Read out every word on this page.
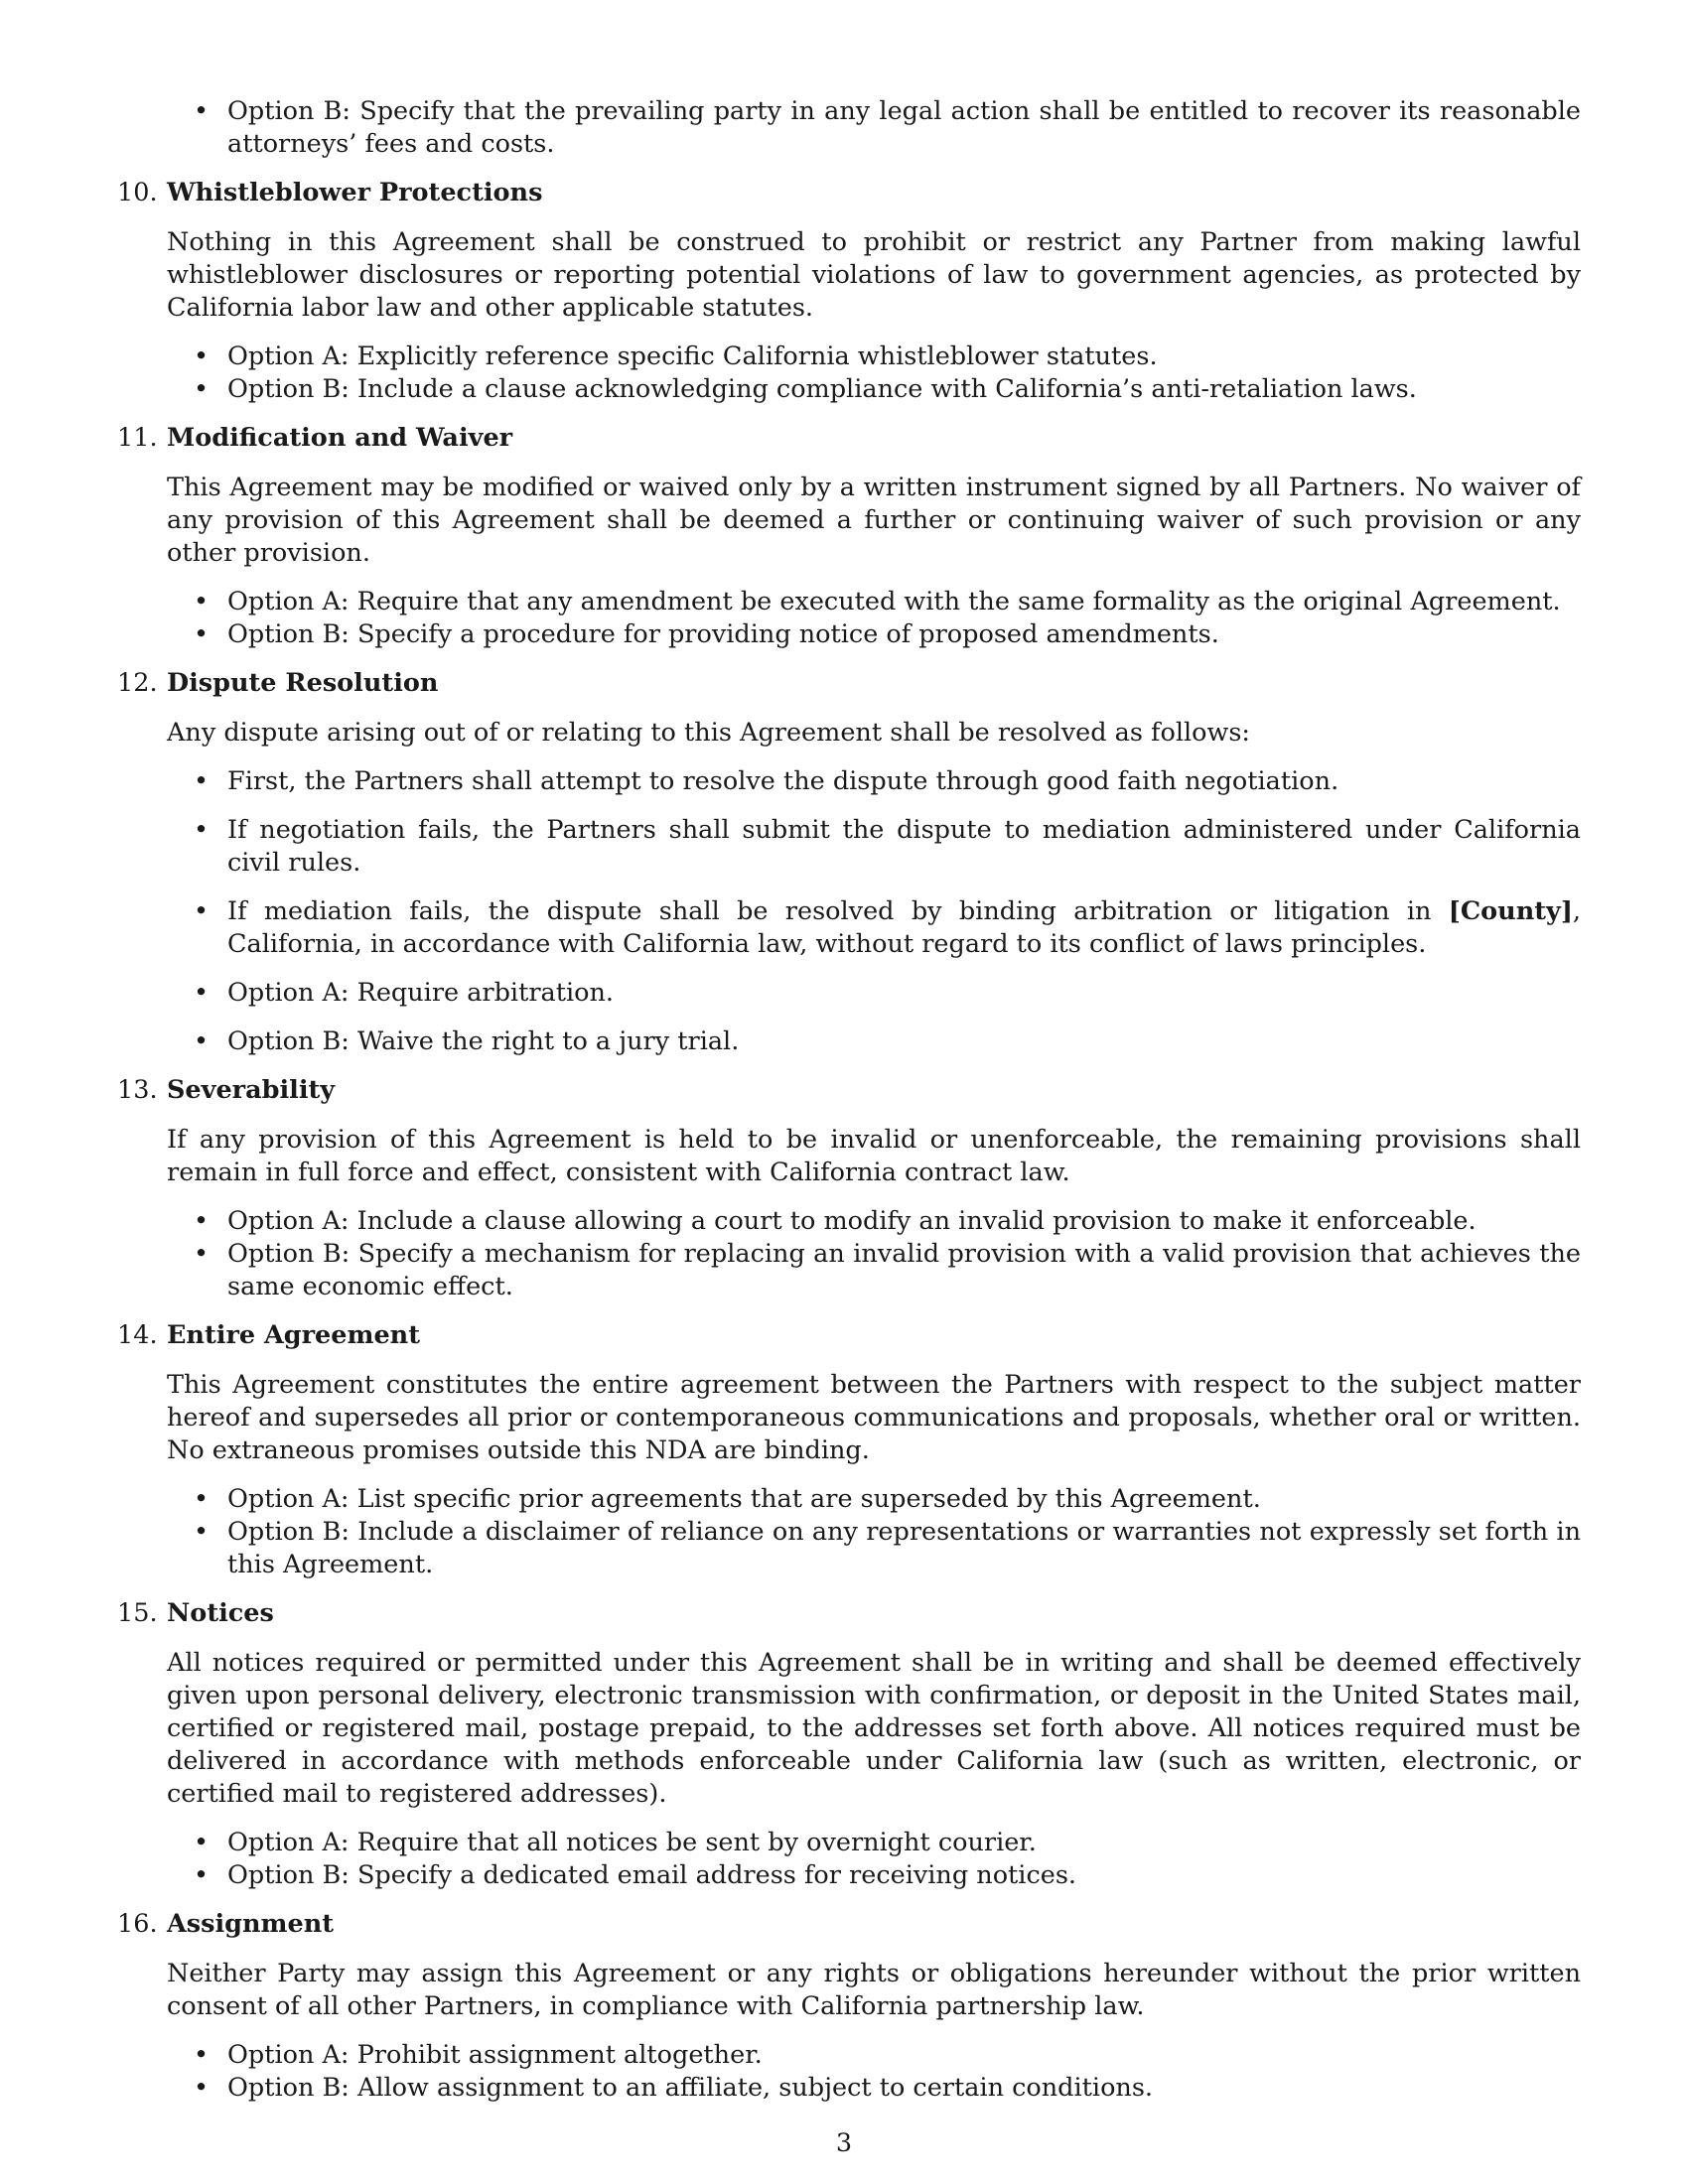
• Option B: Specify that the prevailing party in any legal action shall be entitled to recover its reasonable attorneys’ fees and costs.
10. Whistleblower Protections
Nothing in this Agreement shall be construed to prohibit or restrict any Partner from making lawful whistleblower disclosures or reporting potential violations of law to government agencies, as protected by California labor law and other applicable statutes.
• Option A: Explicitly reference specific California whistleblower statutes.
• Option B: Include a clause acknowledging compliance with California’s anti-retaliation laws.
11. Modification and Waiver
This Agreement may be modified or waived only by a written instrument signed by all Partners. No waiver of any provision of this Agreement shall be deemed a further or continuing waiver of such provision or any other provision.
• Option A: Require that any amendment be executed with the same formality as the original Agreement.
• Option B: Specify a procedure for providing notice of proposed amendments.
12. Dispute Resolution
Any dispute arising out of or relating to this Agreement shall be resolved as follows:
• First, the Partners shall attempt to resolve the dispute through good faith negotiation.
• If negotiation fails, the Partners shall submit the dispute to mediation administered under California civil rules.
• If mediation fails, the dispute shall be resolved by binding arbitration or litigation in [County], California, in accordance with California law, without regard to its conflict of laws principles.
• Option A: Require arbitration.
• Option B: Waive the right to a jury trial.
13. Severability
If any provision of this Agreement is held to be invalid or unenforceable, the remaining provisions shall remain in full force and effect, consistent with California contract law.
• Option A: Include a clause allowing a court to modify an invalid provision to make it enforceable.
• Option B: Specify a mechanism for replacing an invalid provision with a valid provision that achieves the same economic effect.
14. Entire Agreement
This Agreement constitutes the entire agreement between the Partners with respect to the subject matter hereof and supersedes all prior or contemporaneous communications and proposals, whether oral or written. No extraneous promises outside this NDA are binding.
• Option A: List specific prior agreements that are superseded by this Agreement.
• Option B: Include a disclaimer of reliance on any representations or warranties not expressly set forth in this Agreement.
15. Notices
All notices required or permitted under this Agreement shall be in writing and shall be deemed effectively given upon personal delivery, electronic transmission with confirmation, or deposit in the United States mail, certified or registered mail, postage prepaid, to the addresses set forth above. All notices required must be delivered in accordance with methods enforceable under California law (such as written, electronic, or certified mail to registered addresses).
• Option A: Require that all notices be sent by overnight courier.
• Option B: Specify a dedicated email address for receiving notices.
16. Assignment
Neither Party may assign this Agreement or any rights or obligations hereunder without the prior written consent of all other Partners, in compliance with California partnership law.
• Option A: Prohibit assignment altogether.
• Option B: Allow assignment to an affiliate, subject to certain conditions.
3
